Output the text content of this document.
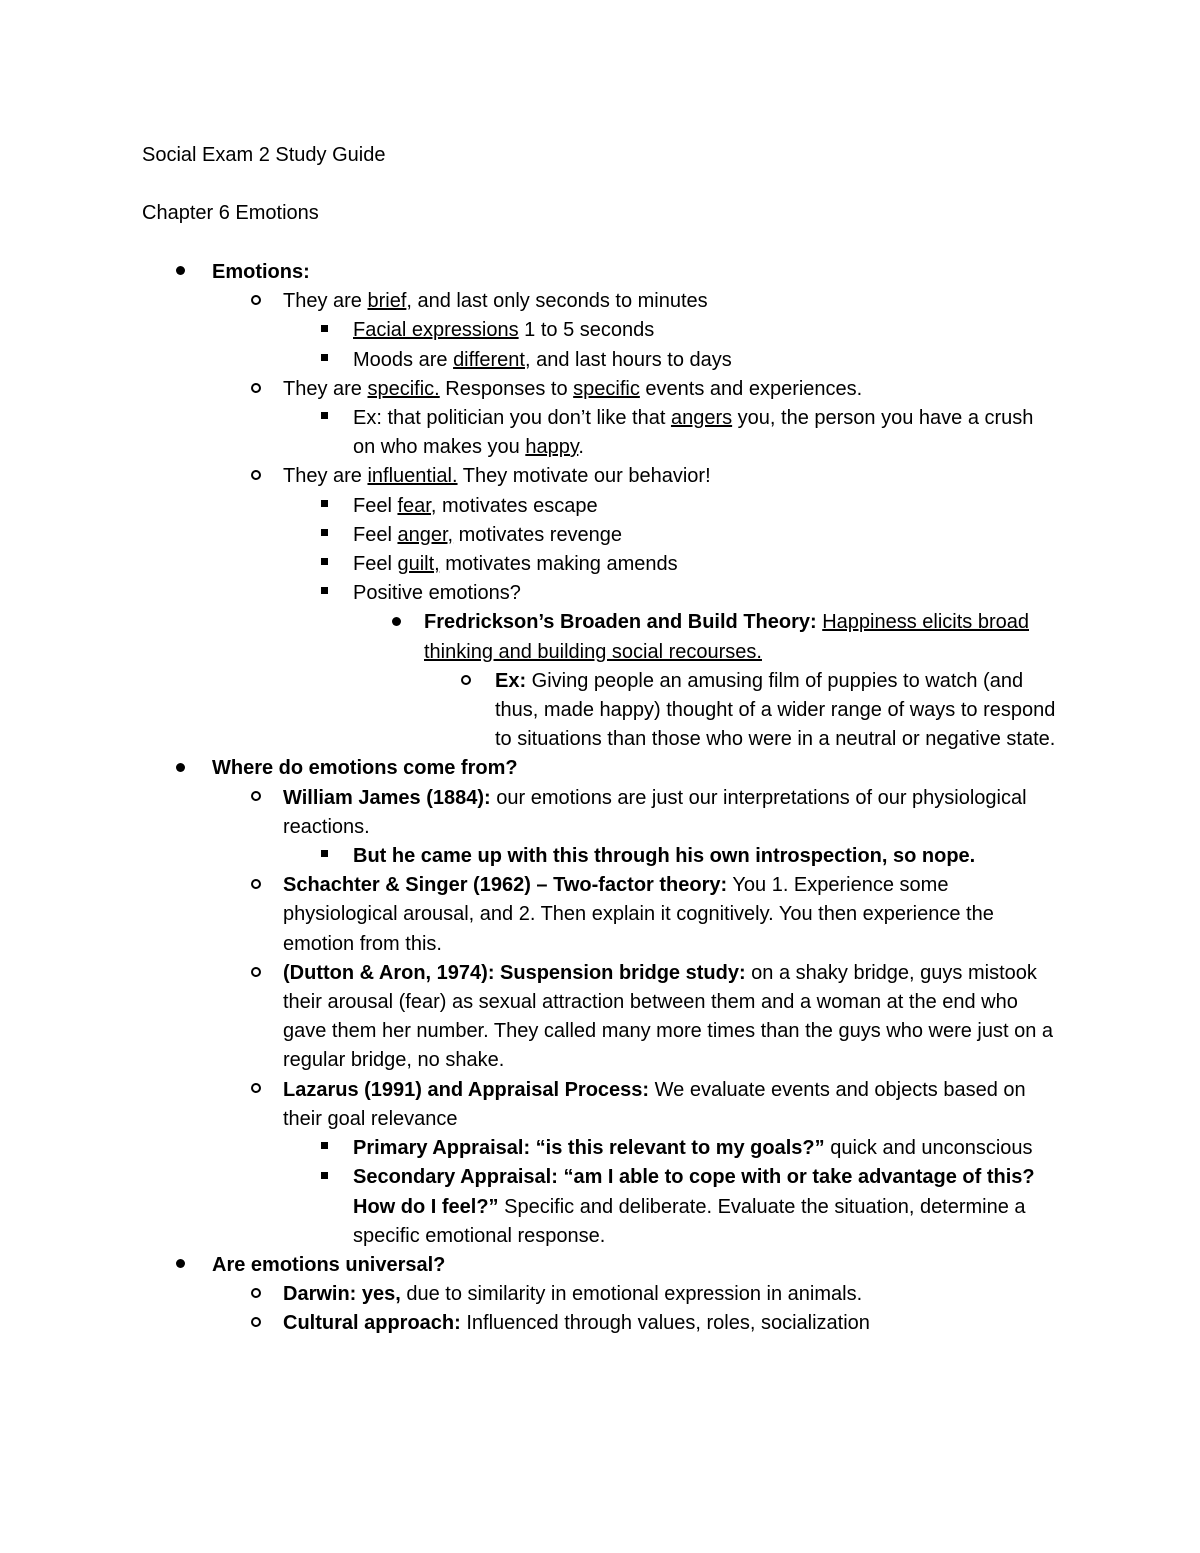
Social Exam 2 Study Guide
Chapter 6 Emotions
Emotions:
They are brief, and last only seconds to minutes
Facial expressions 1 to 5 seconds
Moods are different, and last hours to days
They are specific. Responses to specific events and experiences.
Ex: that politician you don’t like that angers you, the person you have a crush on who makes you happy.
They are influential. They motivate our behavior!
Feel fear, motivates escape
Feel anger, motivates revenge
Feel guilt, motivates making amends
Positive emotions?
Fredrickson’s Broaden and Build Theory: Happiness elicits broad thinking and building social recourses.
Ex: Giving people an amusing film of puppies to watch (and thus, made happy) thought of a wider range of ways to respond to situations than those who were in a neutral or negative state.
Where do emotions come from?
William James (1884): our emotions are just our interpretations of our physiological reactions.
But he came up with this through his own introspection, so nope.
Schachter & Singer (1962) – Two-factor theory: You 1. Experience some physiological arousal, and 2. Then explain it cognitively. You then experience the emotion from this.
(Dutton & Aron, 1974): Suspension bridge study: on a shaky bridge, guys mistook their arousal (fear) as sexual attraction between them and a woman at the end who gave them her number. They called many more times than the guys who were just on a regular bridge, no shake.
Lazarus (1991) and Appraisal Process: We evaluate events and objects based on their goal relevance
Primary Appraisal: “is this relevant to my goals?” quick and unconscious
Secondary Appraisal: “am I able to cope with or take advantage of this? How do I feel?” Specific and deliberate. Evaluate the situation, determine a specific emotional response.
Are emotions universal?
Darwin: yes, due to similarity in emotional expression in animals.
Cultural approach: Influenced through values, roles, socialization
